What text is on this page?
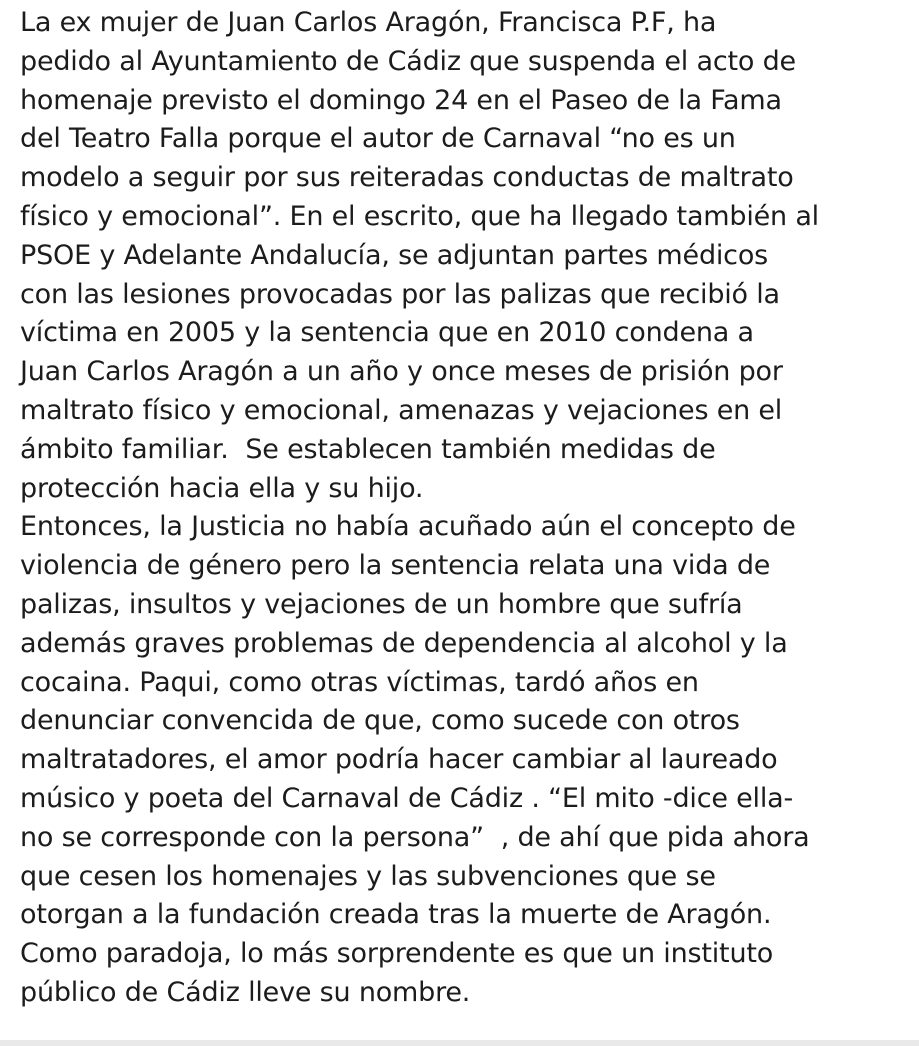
La ex mujer de Juan Carlos Aragón, Francisca P.F, ha
pedido al Ayuntamiento de Cádiz que suspenda el acto de
homenaje previsto el domingo 24 en el Paseo de la Fama
del Teatro Falla porque el autor de Carnaval “no es un
modelo a seguir por sus reiteradas conductas de maltrato
físico y emocional”. En el escrito, que ha llegado también al
PSOE y Adelante Andalucía, se adjuntan partes médicos
con las lesiones provocadas por las palizas que recibió la
víctima en 2005 y la sentencia que en 2010 condena a
Juan Carlos Aragón a un año y once meses de prisión por
maltrato físico y emocional, amenazas y vejaciones en el
ámbito familiar.  Se establecen también medidas de
protección hacia ella y su hijo.
Entonces, la Justicia no había acuñado aún el concepto de
violencia de género pero la sentencia relata una vida de
palizas, insultos y vejaciones de un hombre que sufría
además graves problemas de dependencia al alcohol y la
cocaina. Paqui, como otras víctimas, tardó años en
denunciar convencida de que, como sucede con otros
maltratadores, el amor podría hacer cambiar al laureado
músico y poeta del Carnaval de Cádiz . “El mito -dice ella-
no se corresponde con la persona”  , de ahí que pida ahora
que cesen los homenajes y las subvenciones que se
otorgan a la fundación creada tras la muerte de Aragón.
Como paradoja, lo más sorprendente es que un instituto
público de Cádiz lleve su nombre.
